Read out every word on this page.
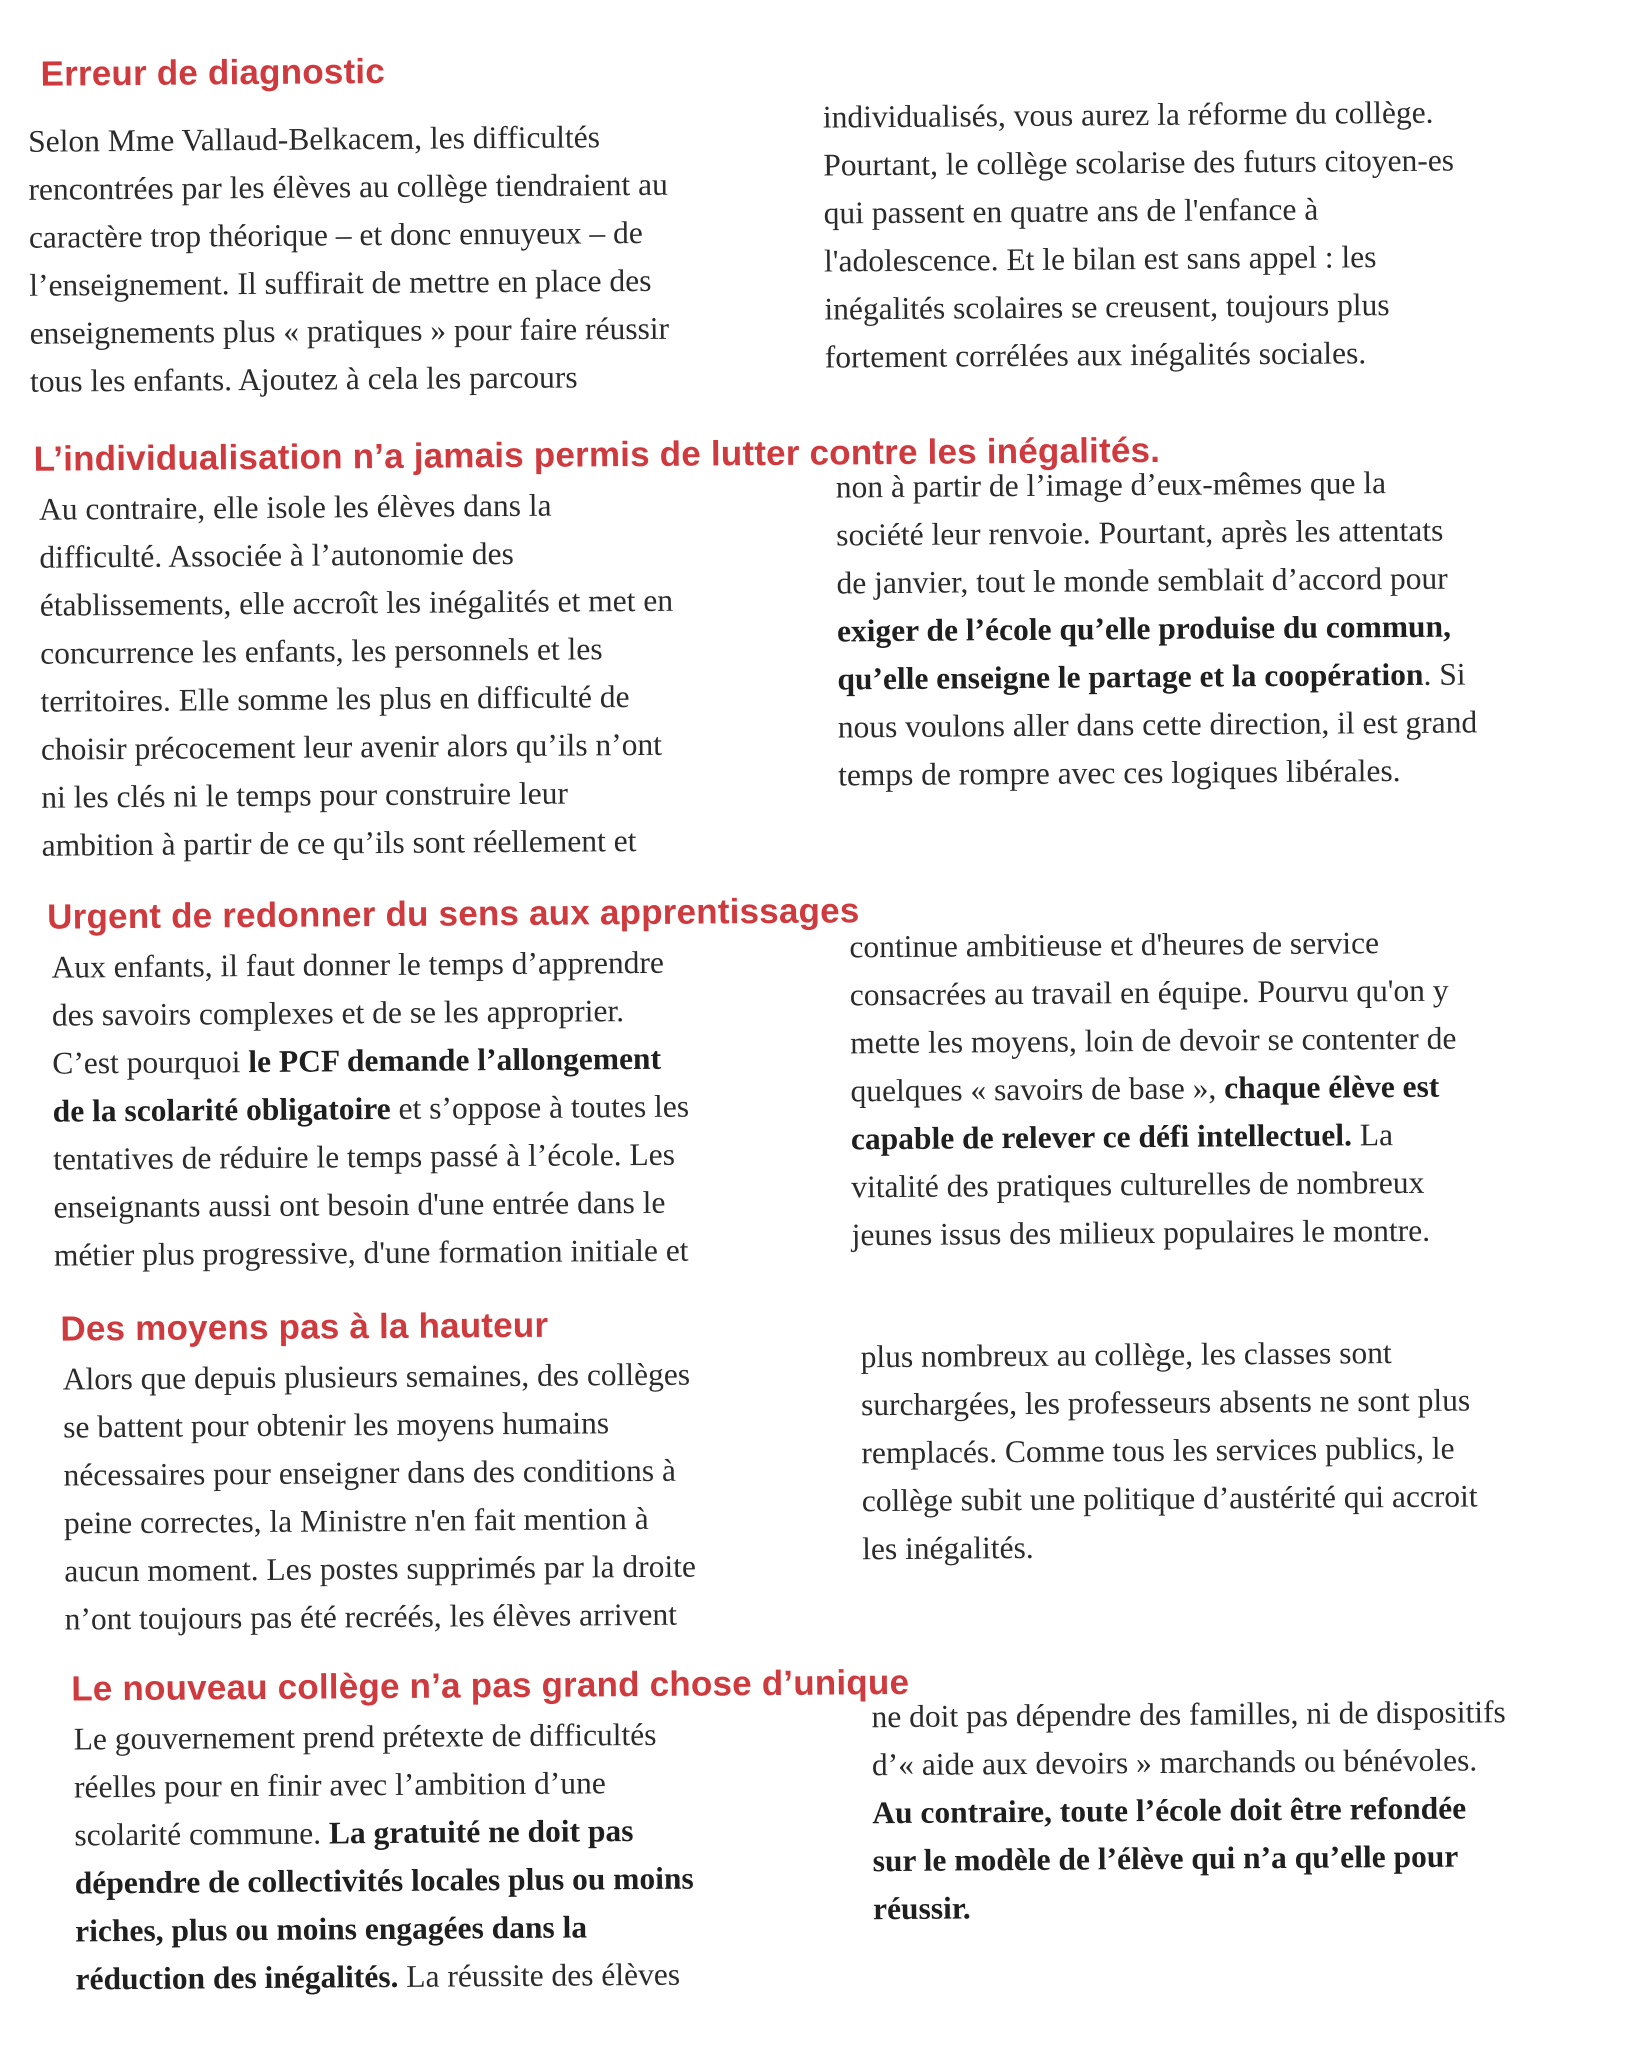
Erreur de diagnostic

Selon Mme Vallaud-Belkacem, les difficultés
rencontrées par les élèves au collège tiendraient au
caractère trop théorique – et donc ennuyeux – de
l’enseignement. Il suffirait de mettre en place des
enseignements plus « pratiques » pour faire réussir
tous les enfants. Ajoutez à cela les parcours

individualisés, vous aurez la réforme du collège.
Pourtant, le collège scolarise des futurs citoyen-es
qui passent en quatre ans de l'enfance à
l'adolescence. Et le bilan est sans appel : les
inégalités scolaires se creusent, toujours plus
fortement corrélées aux inégalités sociales.

L’individualisation n’a jamais permis de lutter contre les inégalités.

Au contraire, elle isole les élèves dans la
difficulté. Associée à l’autonomie des
établissements, elle accroît les inégalités et met en
concurrence les enfants, les personnels et les
territoires. Elle somme les plus en difficulté de
choisir précocement leur avenir alors qu’ils n’ont
ni les clés ni le temps pour construire leur
ambition à partir de ce qu’ils sont réellement et

non à partir de l’image d’eux-mêmes que la
société leur renvoie. Pourtant, après les attentats
de janvier, tout le monde semblait d’accord pour
exiger de l’école qu’elle produise du commun,
qu’elle enseigne le partage et la coopération. Si
nous voulons aller dans cette direction, il est grand
temps de rompre avec ces logiques libérales.

Urgent de redonner du sens aux apprentissages

Aux enfants, il faut donner le temps d’apprendre
des savoirs complexes et de se les approprier.
C’est pourquoi le PCF demande l’allongement
de la scolarité obligatoire et s’oppose à toutes les
tentatives de réduire le temps passé à l’école. Les
enseignants aussi ont besoin d'une entrée dans le
métier plus progressive, d'une formation initiale et

continue ambitieuse et d'heures de service
consacrées au travail en équipe. Pourvu qu'on y
mette les moyens, loin de devoir se contenter de
quelques « savoirs de base », chaque élève est
capable de relever ce défi intellectuel. La
vitalité des pratiques culturelles de nombreux
jeunes issus des milieux populaires le montre.

Des moyens pas à la hauteur

Alors que depuis plusieurs semaines, des collèges
se battent pour obtenir les moyens humains
nécessaires pour enseigner dans des conditions à
peine correctes, la Ministre n'en fait mention à
aucun moment. Les postes supprimés par la droite
n’ont toujours pas été recréés, les élèves arrivent

plus nombreux au collège, les classes sont
surchargées, les professeurs absents ne sont plus
remplacés. Comme tous les services publics, le
collège subit une politique d’austérité qui accroit
les inégalités.

Le nouveau collège n’a pas grand chose d’unique

Le gouvernement prend prétexte de difficultés
réelles pour en finir avec l’ambition d’une
scolarité commune. La gratuité ne doit pas
dépendre de collectivités locales plus ou moins
riches, plus ou moins engagées dans la
réduction des inégalités. La réussite des élèves

ne doit pas dépendre des familles, ni de dispositifs
d’« aide aux devoirs » marchands ou bénévoles.
Au contraire, toute l’école doit être refondée
sur le modèle de l’élève qui n’a qu’elle pour
réussir.
